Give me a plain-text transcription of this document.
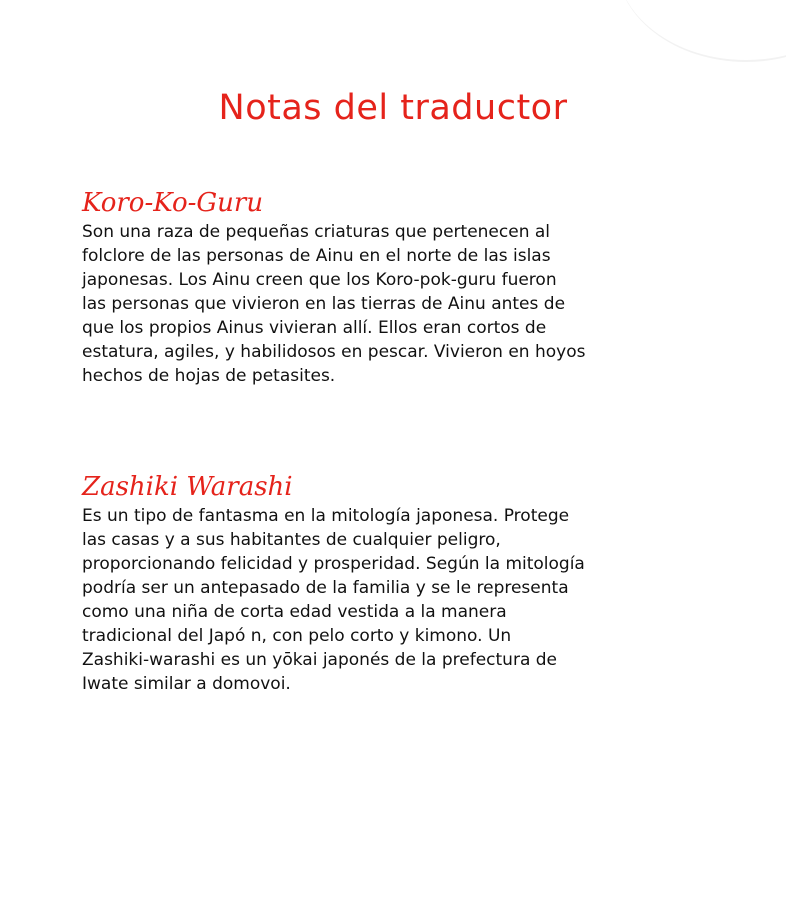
Notas del traductor
Koro-Ko-Guru

Son una raza de pequeñas criaturas que pertenecen al
folclore de las personas de Ainu en el norte de las islas
japonesas. Los Ainu creen que los Koro-pok-guru fueron
las personas que vivieron en las tierras de Ainu antes de
que los propios Ainus vivieran allí. Ellos eran cortos de
estatura, agiles, y habilidosos en pescar. Vivieron en hoyos
hechos de hojas de petasites.

Zashiki Warashi

Es un tipo de fantasma en la mitología japonesa. Protege
las casas y a sus habitantes de cualquier peligro,
proporcionando felicidad y prosperidad. Según la mitología
podría ser un antepasado de la familia y se le representa
como una niña de corta edad vestida a la manera
tradicional del Japó n, con pelo corto y kimono. Un
Zashiki-warashi es un yōkai japonés de la prefectura de
Iwate similar a domovoi.
